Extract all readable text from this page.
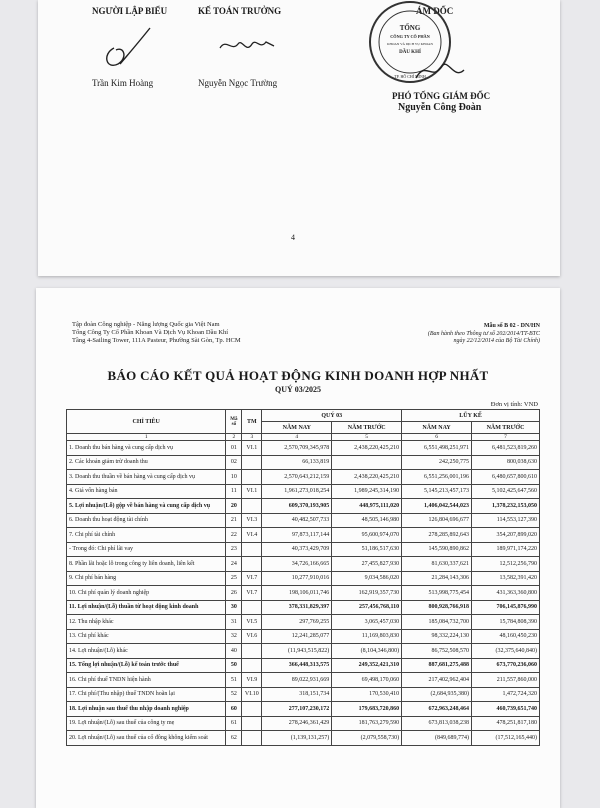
NGƯỜI LẬP BIỂU	KẾ TOÁN TRƯỞNG	ÁM ĐỐC
Trần Kim Hoàng	Nguyễn Ngọc Trường
TỔNG
CÔNG TY CỔ PHẦN
KHOAN VÀ DỊCH VỤ KHOAN
DẦU KHÍ
TP. HỒ CHÍ MINH
PHÓ TỔNG GIÁM ĐỐC
Nguyễn Công Đoàn
4
Tập đoàn Công nghiệp - Năng lượng Quốc gia Việt Nam
Tổng Công Ty Cổ Phần Khoan Và Dịch Vụ Khoan Dầu Khí
Tầng 4-Sailing Tower, 111A Pasteur, Phường Sài Gòn, Tp. HCM
Mẫu số B 02 - DN/HN
(Ban hành theo Thông tư số 202/2014/TT-BTC
ngày 22/12/2014 của Bộ Tài Chính)
BÁO CÁO KẾT QUẢ HOẠT ĐỘNG KINH DOANH HỢP NHẤT
QUÝ 03/2025
Đơn vị tính: VND
CHỈ TIÊU	Mã số	TM	QUÝ 03		LŨY KẾ	
			NĂM NAY	NĂM TRƯỚC	NĂM NAY	NĂM TRƯỚC
1	2	3	4	5	6	7
1. Doanh thu bán hàng và cung cấp dịch vụ	01	VI.1	2,570,709,345,978	2,438,220,425,210	6,551,498,251,971	6,481,523,819,260
2. Các khoản giảm trừ doanh thu	02		66,133,819		242,250,775	800,038,630
3. Doanh thu thuần về bán hàng và cung cấp dịch vụ	10		2,570,643,212,159	2,438,220,425,210	6,551,256,001,196	6,480,657,800,610
4. Giá vốn hàng bán	11	VI.1	1,961,273,018,254	1,989,245,314,190	5,145,213,457,173	5,102,425,647,560
5. Lợi nhuận/(Lỗ) gộp về bán hàng và cung cấp dịch vụ	20		609,370,193,905	448,975,111,020	1,406,042,544,023	1,378,232,153,050
6. Doanh thu hoạt động tài chính	21	VI.3	40,482,507,733	48,505,146,980	126,804,696,677	114,553,127,390
7. Chi phí tài chính	22	VI.4	97,873,117,144	95,600,974,070	278,285,892,643	354,207,899,020
- Trong đó: Chi phí lãi vay	23		40,373,429,709	51,186,517,630	145,590,890,862	189,971,174,220
8. Phần lãi hoặc lỗ trong công ty liên doanh, liên kết	24		34,726,166,665	27,455,827,930	81,630,337,621	12,512,256,790
9. Chi phí bán hàng	25	VI.7	10,277,910,016	9,034,586,020	21,284,143,306	13,582,391,420
10. Chi phí quản lý doanh nghiệp	26	VI.7	198,106,011,746	162,919,357,730	513,998,775,454	431,363,360,800
11. Lợi nhuận/(Lỗ) thuần từ hoạt động kinh doanh	30		378,331,829,397	257,456,768,110	800,928,766,918	706,145,876,990
12. Thu nhập khác	31	VI.5	297,769,255	3,065,457,030	185,084,732,700	15,784,808,390
13. Chi phí khác	32	VI.6	12,241,285,077	11,169,803,830	98,332,224,130	48,160,450,230
14. Lợi nhuận/(Lỗ) khác	40		(11,943,515,822)	(8,104,346,800)	86,752,508,570	(32,375,640,840)
15. Tổng lợi nhuận/(Lỗ) kế toán trước thuế	50		366,448,313,575	249,352,421,310	887,681,275,488	673,770,236,060
16. Chi phí thuế TNDN hiện hành	51	VI.9	89,022,931,669	69,498,170,060	217,402,962,404	211,557,860,000
17. Chi phí/(Thu nhập) thuế TNDN hoãn lại	52	VI.10	318,151,734	170,530,410	(2,684,935,380)	1,472,724,320
18. Lợi nhuận sau thuế thu nhập doanh nghiệp	60		277,107,230,172	179,683,720,860	672,963,248,464	460,739,651,740
19. Lợi nhuận/(Lỗ) sau thuế của công ty mẹ	61		278,246,361,429	181,763,279,590	673,813,038,238	478,251,817,180
20. Lợi nhuận/(Lỗ) sau thuế của cổ đông không kiểm soát	62		(1,139,131,257)	(2,079,558,730)	(849,689,774)	(17,512,165,440)
